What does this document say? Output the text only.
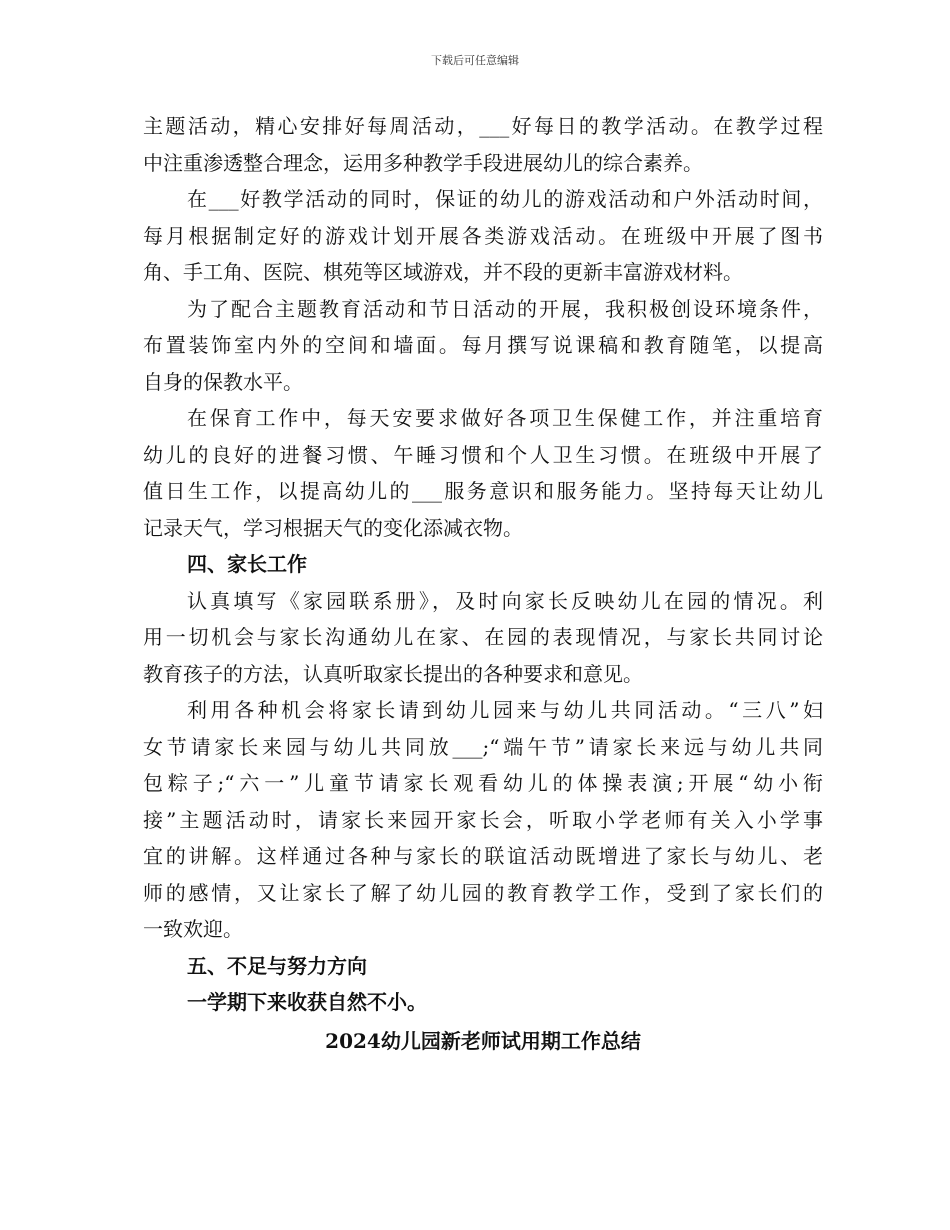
下载后可任意编辑
主题活动，精心安排好每周活动，___好每日的教学活动。在教学过程
中注重渗透整合理念，运用多种教学手段进展幼儿的综合素养。
在___好教学活动的同时，保证的幼儿的游戏活动和户外活动时间，
每月根据制定好的游戏计划开展各类游戏活动。在班级中开展了图书
角、手工角、医院、棋苑等区域游戏，并不段的更新丰富游戏材料。
为了配合主题教育活动和节日活动的开展，我积极创设环境条件，
布置装饰室内外的空间和墙面。每月撰写说课稿和教育随笔，以提高
自身的保教水平。
在保育工作中，每天安要求做好各项卫生保健工作，并注重培育
幼儿的良好的进餐习惯、午睡习惯和个人卫生习惯。在班级中开展了
值日生工作，以提高幼儿的___服务意识和服务能力。坚持每天让幼儿
记录天气，学习根据天气的变化添减衣物。
四、家长工作
认真填写《家园联系册》，及时向家长反映幼儿在园的情况。利
用一切机会与家长沟通幼儿在家、在园的表现情况，与家长共同讨论
教育孩子的方法，认真听取家长提出的各种要求和意见。
利用各种机会将家长请到幼儿园来与幼儿共同活动。“三八”妇
女节请家长来园与幼儿共同放___;“端午节”请家长来远与幼儿共同
包粽子;“六一”儿童节请家长观看幼儿的体操表演;开展“幼小衔
接”主题活动时，请家长来园开家长会，听取小学老师有关入小学事
宜的讲解。这样通过各种与家长的联谊活动既增进了家长与幼儿、老
师的感情，又让家长了解了幼儿园的教育教学工作，受到了家长们的
一致欢迎。
五、不足与努力方向
一学期下来收获自然不小。
2024幼儿园新老师试用期工作总结
